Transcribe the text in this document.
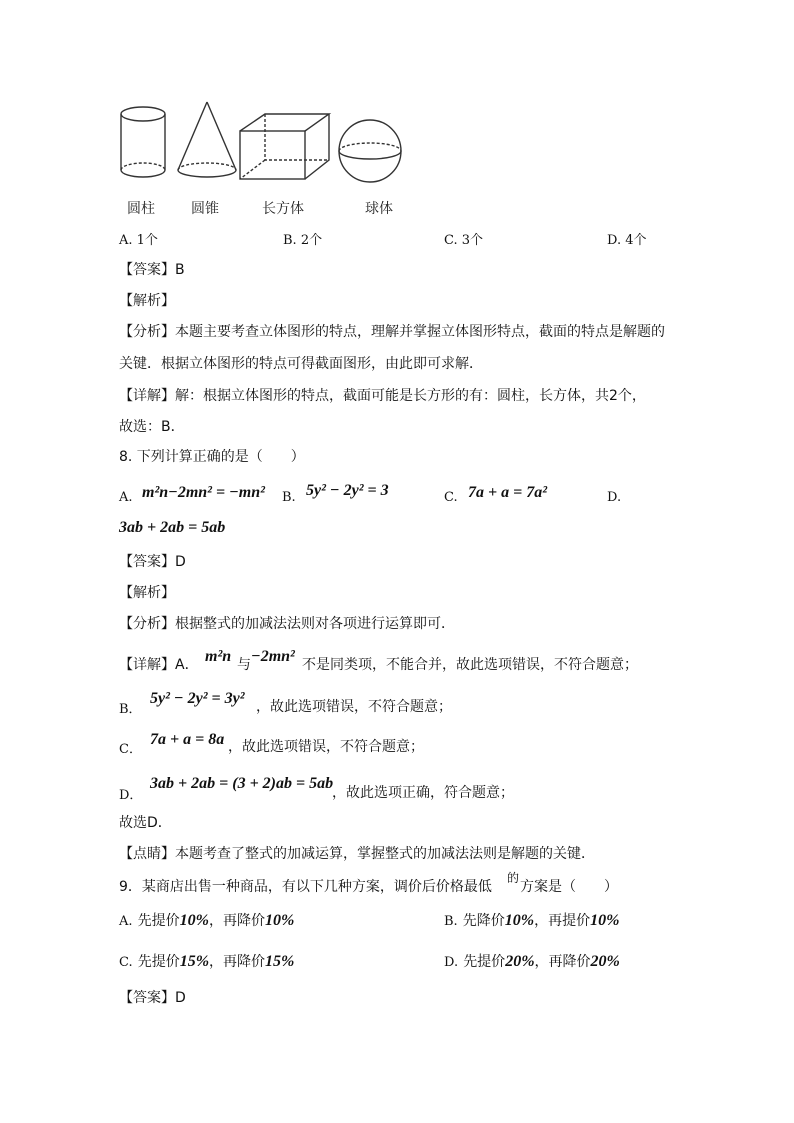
圆柱	圆锥	长方体	球体
A. 1个	B. 2个	C. 3个	D. 4个
【答案】B
【解析】
【分析】本题主要考查立体图形的特点，理解并掌握立体图形特点，截面的特点是解题的
关键．根据立体图形的特点可得截面图形，由此即可求解．
【详解】解：根据立体图形的特点，截面可能是长方形的有：圆柱，长方体，共2个，
故选：B．
8. 下列计算正确的是（　　）
A. m²n−2mn² = −mn² B. 5y² − 2y² = 3	C. 7a + a = 7a²	D.
3ab + 2ab = 5ab
【答案】D
【解析】
【分析】根据整式的加减法法则对各项进行运算即可．
【详解】A． m²n 与 −2mn² 不是同类项，不能合并，故此选项错误，不符合题意；
B．
5y² − 2y² = 3y² ，故此选项错误，不符合题意；
C．
7a + a = 8a ，故此选项错误，不符合题意；
D．
3ab + 2ab = (3 + 2)ab = 5ab
，故此选项正确，符合题意；
故选D．
【点睛】本题考查了整式的加减运算，掌握整式的加减法法则是解题的关键．
9．某商店出售一种商品，有以下几种方案，调价后价格最低
的
方案是（　　）
A. 先提价10%，再降价10%	B. 先降价10%，再提价10%
C. 先提价15%，再降价15%	D. 先提价20%，再降价20%
【答案】D
